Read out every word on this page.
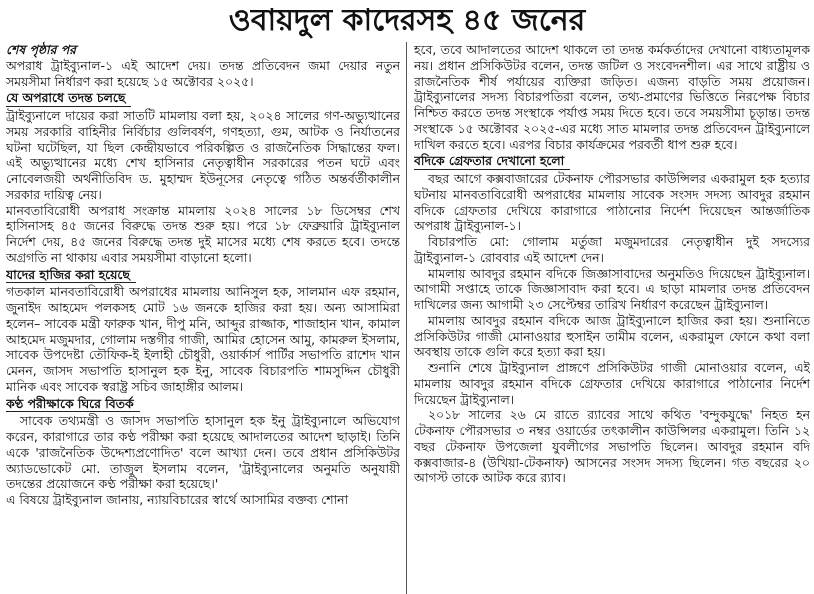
ওবায়দুল কাদেরসহ ৪৫ জনের
শেষ পৃষ্ঠার পর

অপরাধ ট্রাইব্যুনাল-১ এই আদেশ দেয়। তদন্ত প্রতিবেদন জমা দেয়ার নতুন সময়সীমা নির্ধারণ করা হয়েছে ১৫ অক্টোবর ২০২৫।

যে অপরাধে তদন্ত চলছে

ট্রাইব্যুনালে দায়ের করা সাতটি মামলায় বলা হয়, ২০২৪ সালের গণ-অভ্যুত্থানের সময় সরকারি বাহিনীর নির্বিচার গুলিবর্ষণ, গণহত্যা, গুম, আটক ও নির্যাতনের ঘটনা ঘটেছিল, যা ছিল কেন্দ্রীয়ভাবে পরিকল্পিত ও রাজনৈতিক সিদ্ধান্তের ফল। এই অভ্যুত্থানের মধ্যে শেখ হাসিনার নেতৃত্বাধীন সরকারের পতন ঘটে এবং নোবেলজয়ী অর্থনীতিবিদ ড. মুহাম্মদ ইউনূসের নেতৃত্বে গঠিত অন্তর্বর্তীকালীন সরকার দায়িত্ব নেয়।

মানবতাবিরোধী অপরাধ সংক্রান্ত মামলায় ২০২৪ সালের ১৮ ডিসেম্বর শেখ হাসিনাসহ ৪৫ জনের বিরুদ্ধে তদন্ত শুরু হয়। পরে ১৮ ফেব্রুয়ারি ট্রাইব্যুনাল নির্দেশ দেয়, ৪৫ জনের বিরুদ্ধে তদন্ত দুই মাসের মধ্যে শেষ করতে হবে। তদন্তে অগ্রগতি না থাকায় এবার সময়সীমা বাড়ানো হলো।

যাদের হাজির করা হয়েছে

গতকাল মানবতাবিরোধী অপরাধের মামলায় আনিসুল হক, সালমান এফ রহমান, জুনাইদ আহমেদ পলকসহ মোট ১৬ জনকে হাজির করা হয়। অন্য আসামিরা হলেন– সাবেক মন্ত্রী ফারুক খান, দীপু মনি, আব্দুর রাজ্জাক, শাজাহান খান, কামাল আহমেদ মজুমদার, গোলাম দস্তগীর গাজী, আমির হোসেন আমু, কামরুল ইসলাম, সাবেক উপদেষ্টা তৌফিক-ই ইলাহী চৌধুরী, ওয়ার্কার্স পার্টির সভাপতি রাশেদ খান মেনন, জাসদ সভাপতি হাসানুল হক ইনু, সাবেক বিচারপতি শামসুদ্দিন চৌধুরী মানিক এবং সাবেক স্বরাষ্ট্র সচিব জাহাঙ্গীর আলম।

কণ্ঠ পরীক্ষাকে ঘিরে বিতর্ক

সাবেক তথ্যমন্ত্রী ও জাসদ সভাপতি হাসানুল হক ইনু ট্রাইব্যুনালে অভিযোগ করেন, কারাগারে তার কণ্ঠ পরীক্ষা করা হয়েছে আদালতের আদেশ ছাড়াই। তিনি একে 'রাজনৈতিক উদ্দেশ্যপ্রণোদিত' বলে আখ্যা দেন। তবে প্রধান প্রসিকিউটর অ্যাডভোকেট মো. তাজুল ইসলাম বলেন, 'ট্রাইব্যুনালের অনুমতি অনুযায়ী তদন্তের প্রয়োজনে কণ্ঠ পরীক্ষা করা হয়েছে।'

এ বিষয়ে ট্রাইব্যুনাল জানায়, ন্যায়বিচারের স্বার্থে আসামির বক্তব্য শোনা

হবে, তবে আদালতের আদেশ থাকলে তা তদন্ত কর্মকর্তাদের দেখানো বাধ্যতামূলক নয়। প্রধান প্রসিকিউটর বলেন, তদন্ত জটিল ও সংবেদনশীল। এর সাথে রাষ্ট্রীয় ও রাজনৈতিক শীর্ষ পর্যায়ের ব্যক্তিরা জড়িত। এজন্য বাড়তি সময় প্রয়োজন। ট্রাইব্যুনালের সদস্য বিচারপতিরা বলেন, তথ্য-প্রমাণের ভিত্তিতে নিরপেক্ষ বিচার নিশ্চিত করতে তদন্ত সংস্থাকে পর্যাপ্ত সময় দিতে হবে। তবে সময়সীমা চূড়ান্ত। তদন্ত সংস্থাকে ১৫ অক্টোবর ২০২৫-এর মধ্যে সাত মামলার তদন্ত প্রতিবেদন ট্রাইব্যুনালে দাখিল করতে হবে। এরপর বিচার কার্যক্রমের পরবর্তী ধাপ শুরু হবে।

বদিকে গ্রেফতার দেখানো হলো

বছর আগে কক্সবাজারের টেকনাফ পৌরসভার কাউন্সিলর একরামুল হক হত্যার ঘটনায় মানবতাবিরোধী অপরাধের মামলায় সাবেক সংসদ সদস্য আবদুর রহমান বদিকে গ্রেফতার দেখিয়ে কারাগারে পাঠানোর নির্দেশ দিয়েছেন আন্তর্জাতিক অপরাধ ট্রাইব্যুনাল-১।

বিচারপতি মো: গোলাম মর্তুজা মজুমদারের নেতৃত্বাধীন দুই সদস্যের ট্রাইব্যুনাল-১ রোববার এই আদেশ দেন।

মামলায় আবদুর রহমান বদিকে জিজ্ঞাসাবাদের অনুমতিও দিয়েছেন ট্রাইব্যুনাল। আগামী সপ্তাহে তাকে জিজ্ঞাসাবাদ করা হবে। এ ছাড়া মামলার তদন্ত প্রতিবেদন দাখিলের জন্য আগামী ২৩ সেপ্টেম্বর তারিখ নির্ধারণ করেছেন ট্রাইব্যুনাল।

মামলায় আবদুর রহমান বদিকে আজ ট্রাইব্যুনালে হাজির করা হয়। শুনানিতে প্রসিকিউটর গাজী মোনাওয়ার হুসাইন তামীম বলেন, একরামুল ফোনে কথা বলা অবস্থায় তাকে গুলি করে হত্যা করা হয়।

শুনানি শেষে ট্রাইব্যুনাল প্রাঙ্গণে প্রসিকিউটর গাজী মোনাওয়ার বলেন, এই মামলায় আবদুর রহমান বদিকে গ্রেফতার দেখিয়ে কারাগারে পাঠানোর নির্দেশ দিয়েছেন ট্রাইব্যুনাল।

২০১৮ সালের ২৬ মে রাতে র‍্যাবের সাথে কথিত 'বন্দুকযুদ্ধে' নিহত হন টেকনাফ পৌরসভার ৩ নম্বর ওয়ার্ডের তৎকালীন কাউন্সিলর একরামুল। তিনি ১২ বছর টেকনাফ উপজেলা যুবলীগের সভাপতি ছিলেন। আবদুর রহমান বদি কক্সবাজার-৪ (উখিয়া-টেকনাফ) আসনের সংসদ সদস্য ছিলেন। গত বছরের ২০ আগস্ট তাকে আটক করে র‍্যাব।
